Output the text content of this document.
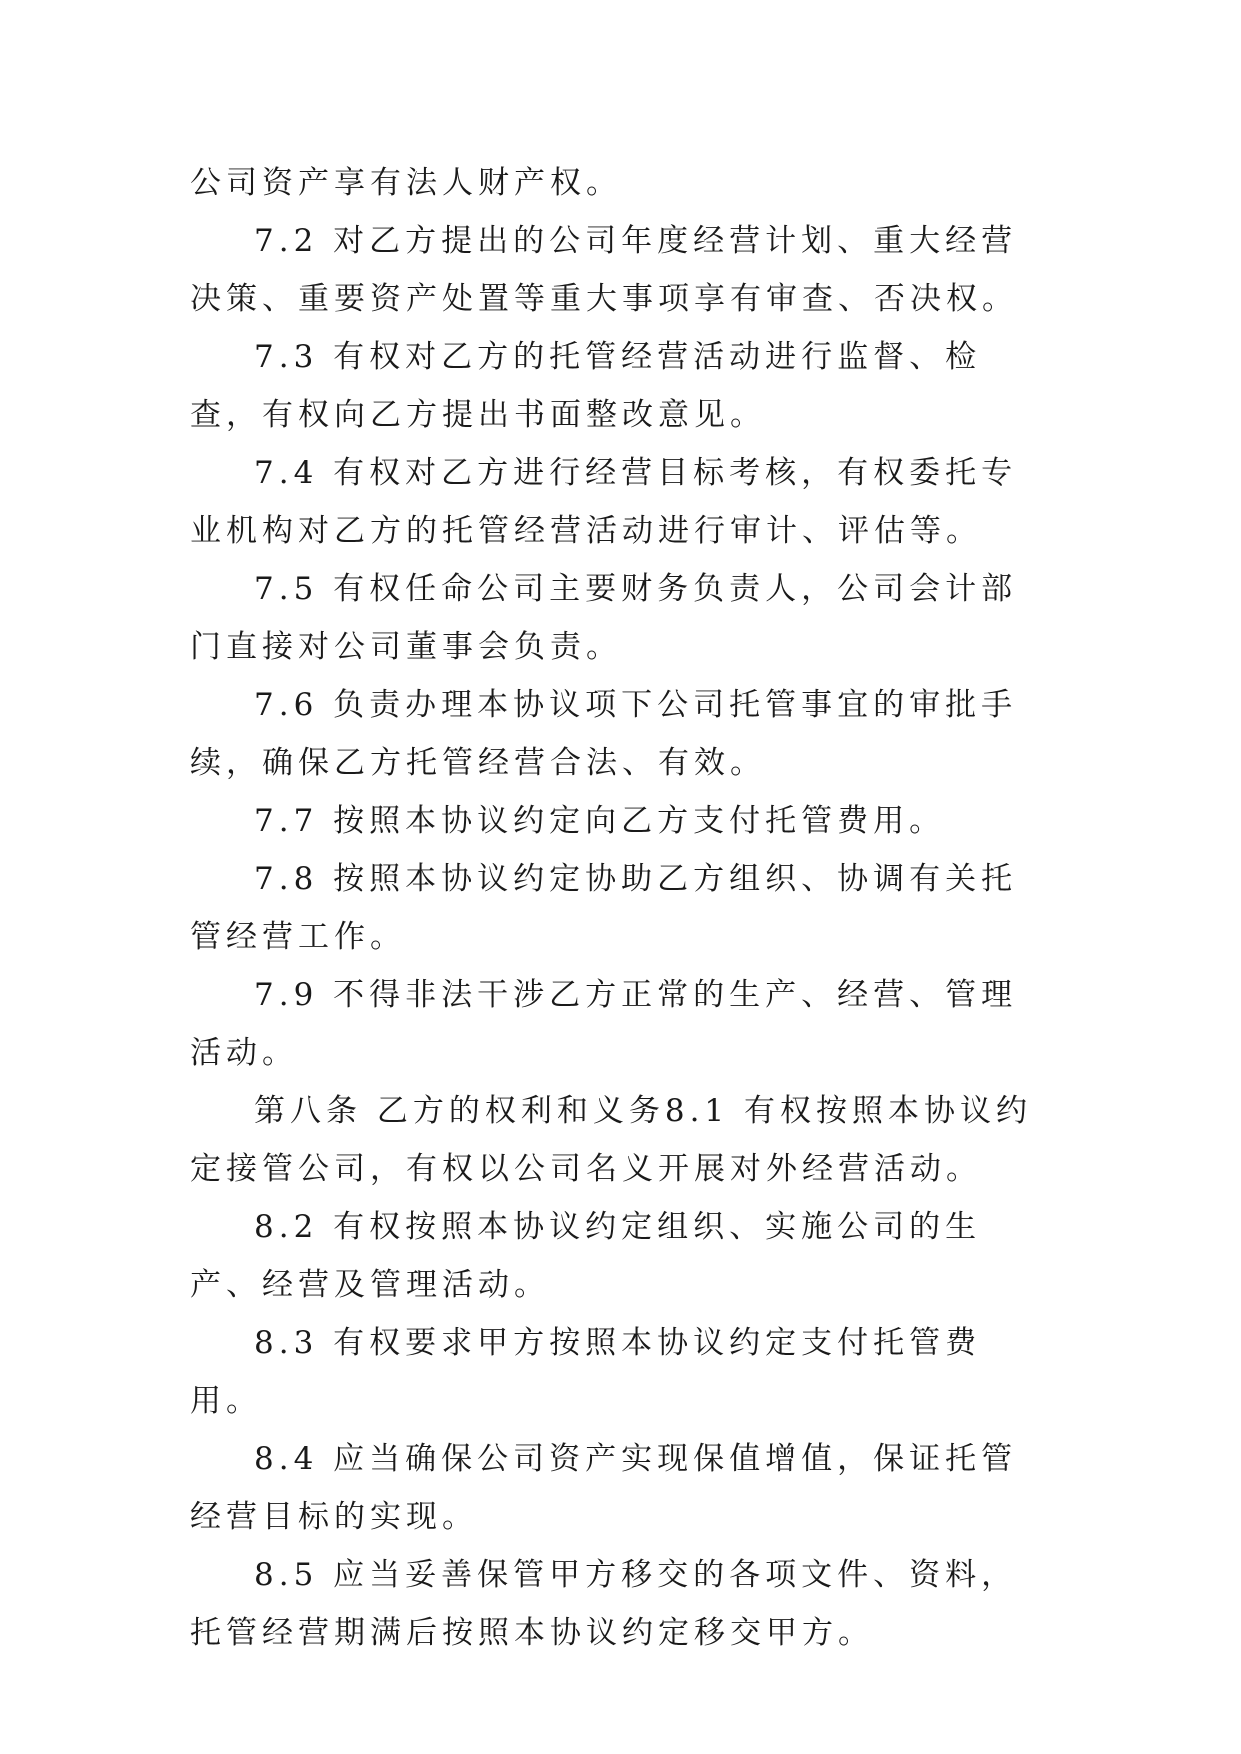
公司资产享有法人财产权。

7.2 对乙方提出的公司年度经营计划、重大经营决策、重要资产处置等重大事项享有审查、否决权。

7.3 有权对乙方的托管经营活动进行监督、检查，有权向乙方提出书面整改意见。

7.4 有权对乙方进行经营目标考核，有权委托专业机构对乙方的托管经营活动进行审计、评估等。

7.5 有权任命公司主要财务负责人，公司会计部门直接对公司董事会负责。

7.6 负责办理本协议项下公司托管事宜的审批手续，确保乙方托管经营合法、有效。

7.7 按照本协议约定向乙方支付托管费用。

7.8 按照本协议约定协助乙方组织、协调有关托管经营工作。

7.9 不得非法干涉乙方正常的生产、经营、管理活动。

第八条 乙方的权利和义务8.1 有权按照本协议约定接管公司，有权以公司名义开展对外经营活动。

8.2 有权按照本协议约定组织、实施公司的生产、经营及管理活动。

8.3 有权要求甲方按照本协议约定支付托管费用。

8.4 应当确保公司资产实现保值增值，保证托管经营目标的实现。

8.5 应当妥善保管甲方移交的各项文件、资料，托管经营期满后按照本协议约定移交甲方。
